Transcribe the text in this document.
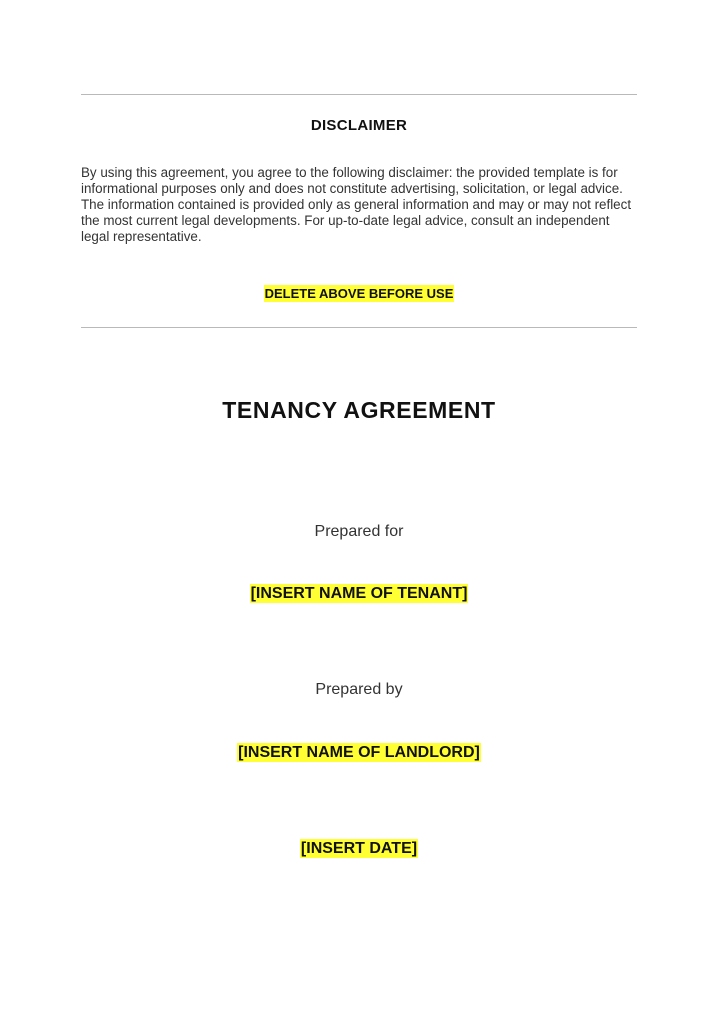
DISCLAIMER
By using this agreement, you agree to the following disclaimer: the provided template is for informational purposes only and does not constitute advertising, solicitation, or legal advice. The information contained is provided only as general information and may or may not reflect the most current legal developments. For up-to-date legal advice, consult an independent legal representative.
DELETE ABOVE BEFORE USE
TENANCY AGREEMENT
Prepared for
[INSERT NAME OF TENANT]
Prepared by
[INSERT NAME OF LANDLORD]
[INSERT DATE]
